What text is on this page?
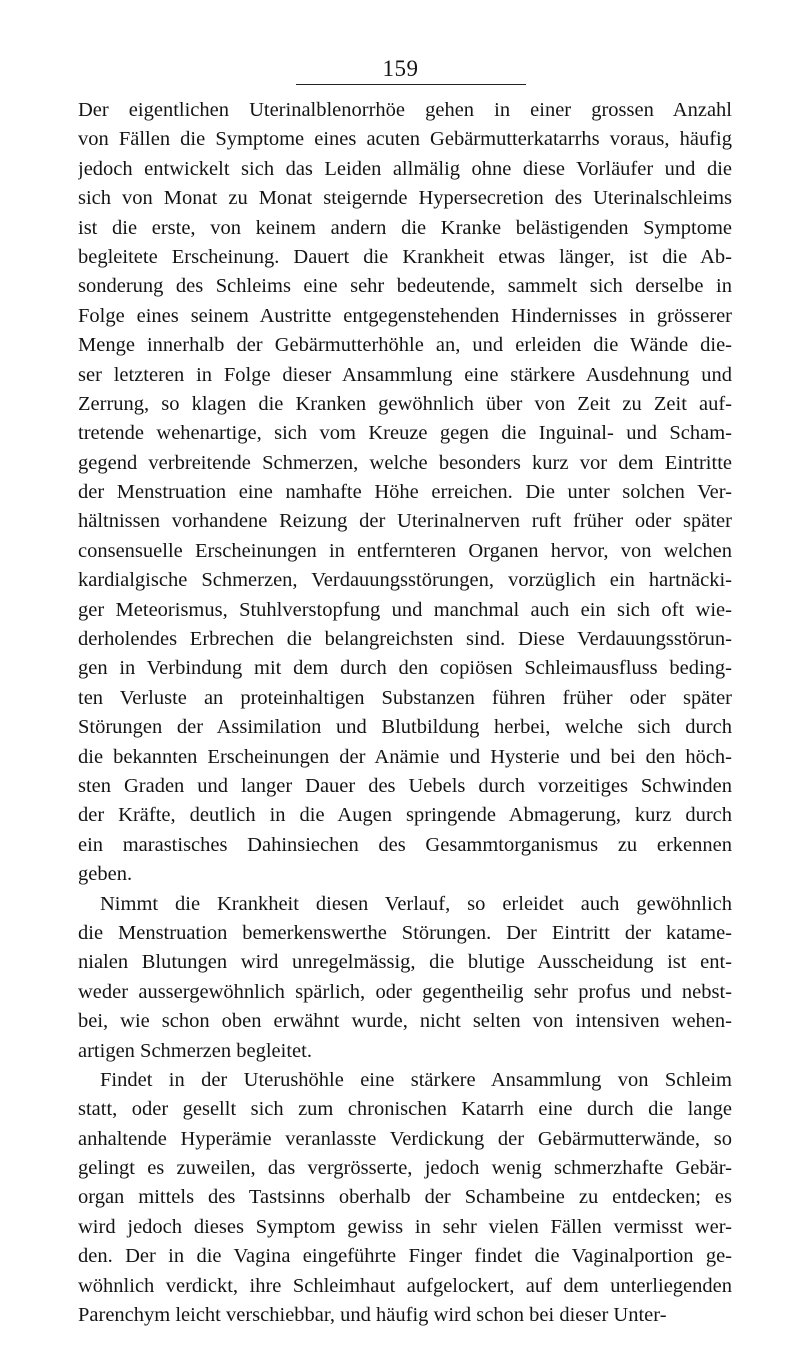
159
Der eigentlichen Uterinalblenorrhöe gehen in einer grossen Anzahl
von Fällen die Symptome eines acuten Gebärmutterkatarrhs voraus, häufig
jedoch entwickelt sich das Leiden allmälig ohne diese Vorläufer und die
sich von Monat zu Monat steigernde Hypersecretion des Uterinalschleims
ist die erste, von keinem andern die Kranke belästigenden Symptome
begleitete Erscheinung. Dauert die Krankheit etwas länger, ist die Ab-
sonderung des Schleims eine sehr bedeutende, sammelt sich derselbe in
Folge eines seinem Austritte entgegenstehenden Hindernisses in grösserer
Menge innerhalb der Gebärmutterhöhle an, und erleiden die Wände die-
ser letzteren in Folge dieser Ansammlung eine stärkere Ausdehnung und
Zerrung, so klagen die Kranken gewöhnlich über von Zeit zu Zeit auf-
tretende wehenartige, sich vom Kreuze gegen die Inguinal- und Scham-
gegend verbreitende Schmerzen, welche besonders kurz vor dem Eintritte
der Menstruation eine namhafte Höhe erreichen. Die unter solchen Ver-
hältnissen vorhandene Reizung der Uterinalnerven ruft früher oder später
consensuelle Erscheinungen in entfernteren Organen hervor, von welchen
kardialgische Schmerzen, Verdauungsstörungen, vorzüglich ein hartnäcki-
ger Meteorismus, Stuhlverstopfung und manchmal auch ein sich oft wie-
derholendes Erbrechen die belangreichsten sind. Diese Verdauungsstörun-
gen in Verbindung mit dem durch den copiösen Schleimausfluss beding-
ten Verluste an proteinhaltigen Substanzen führen früher oder später
Störungen der Assimilation und Blutbildung herbei, welche sich durch
die bekannten Erscheinungen der Anämie und Hysterie und bei den höch-
sten Graden und langer Dauer des Uebels durch vorzeitiges Schwinden
der Kräfte, deutlich in die Augen springende Abmagerung, kurz durch
ein marastisches Dahinsiechen des Gesammtorganismus zu erkennen
geben.
Nimmt die Krankheit diesen Verlauf, so erleidet auch gewöhnlich
die Menstruation bemerkenswerthe Störungen. Der Eintritt der katame-
nialen Blutungen wird unregelmässig, die blutige Ausscheidung ist ent-
weder aussergewöhnlich spärlich, oder gegentheilig sehr profus und nebst-
bei, wie schon oben erwähnt wurde, nicht selten von intensiven wehen-
artigen Schmerzen begleitet.
Findet in der Uterushöhle eine stärkere Ansammlung von Schleim
statt, oder gesellt sich zum chronischen Katarrh eine durch die lange
anhaltende Hyperämie veranlasste Verdickung der Gebärmutterwände, so
gelingt es zuweilen, das vergrösserte, jedoch wenig schmerzhafte Gebär-
organ mittels des Tastsinns oberhalb der Schambeine zu entdecken; es
wird jedoch dieses Symptom gewiss in sehr vielen Fällen vermisst wer-
den. Der in die Vagina eingeführte Finger findet die Vaginalportion ge-
wöhnlich verdickt, ihre Schleimhaut aufgelockert, auf dem unterliegenden
Parenchym leicht verschiebbar, und häufig wird schon bei dieser Unter-
